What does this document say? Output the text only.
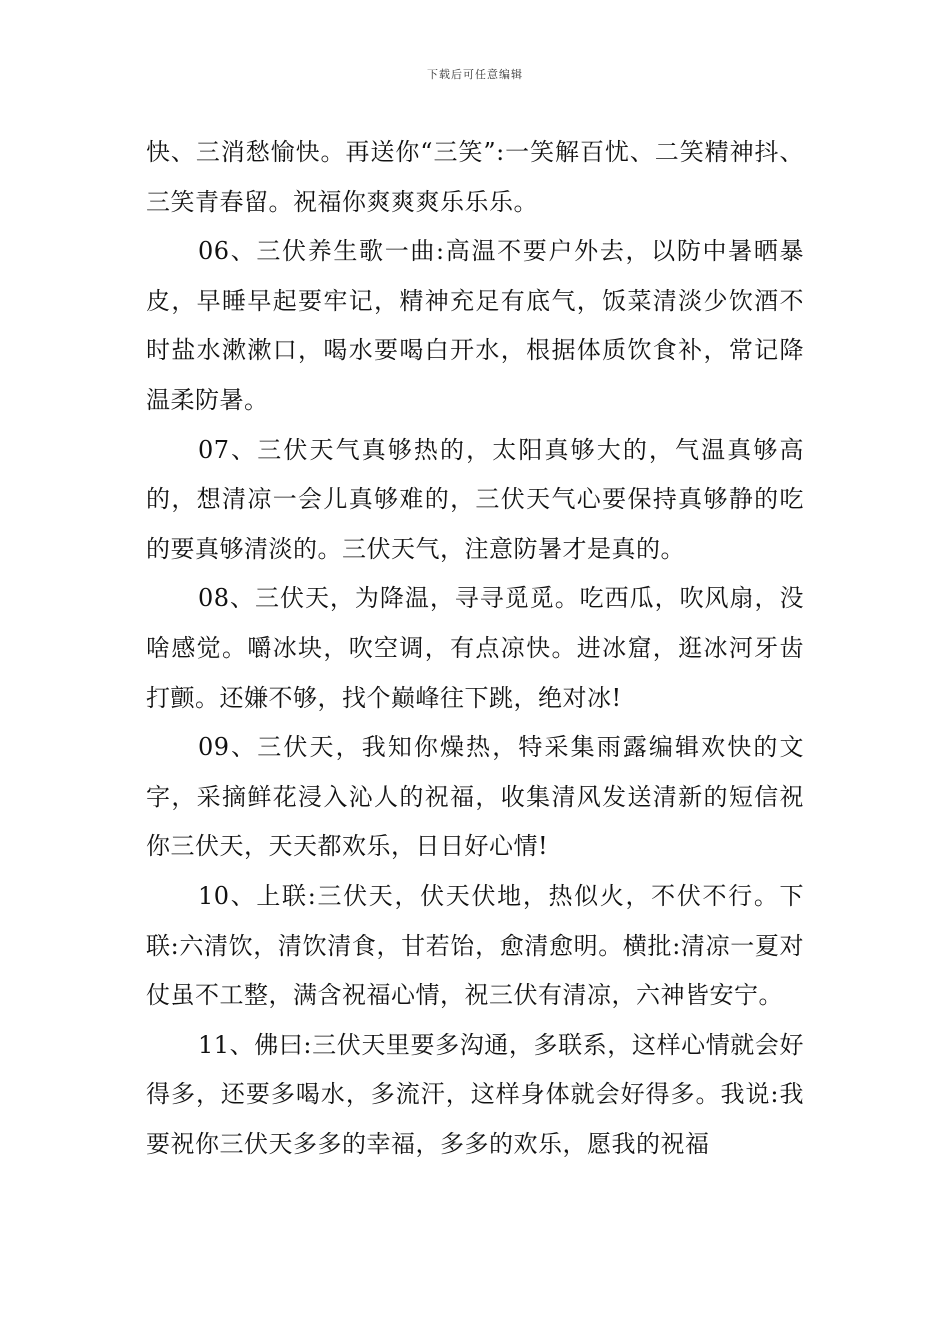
下载后可任意编辑

快、三消愁愉快。再送你“三笑”:一笑解百忧、二笑精神抖、三笑青春留。祝福你爽爽爽乐乐乐。

06、三伏养生歌一曲:高温不要户外去，以防中暑晒暴皮，早睡早起要牢记，精神充足有底气，饭菜清淡少饮酒不时盐水漱漱口，喝水要喝白开水，根据体质饮食补，常记降温柔防暑。

07、三伏天气真够热的，太阳真够大的，气温真够高的，想清凉一会儿真够难的，三伏天气心要保持真够静的吃的要真够清淡的。三伏天气，注意防暑才是真的。

08、三伏天，为降温，寻寻觅觅。吃西瓜，吹风扇，没啥感觉。嚼冰块，吹空调，有点凉快。进冰窟，逛冰河牙齿打颤。还嫌不够，找个巅峰往下跳，绝对冰!

09、三伏天，我知你燥热，特采集雨露编辑欢快的文字，采摘鲜花浸入沁人的祝福，收集清风发送清新的短信祝你三伏天，天天都欢乐，日日好心情!

10、上联:三伏天，伏天伏地，热似火，不伏不行。下联:六清饮，清饮清食，甘若饴，愈清愈明。横批:清凉一夏对仗虽不工整，满含祝福心情，祝三伏有清凉，六神皆安宁。

11、佛曰:三伏天里要多沟通，多联系，这样心情就会好得多，还要多喝水，多流汗，这样身体就会好得多。我说:我要祝你三伏天多多的幸福，多多的欢乐，愿我的祝福
